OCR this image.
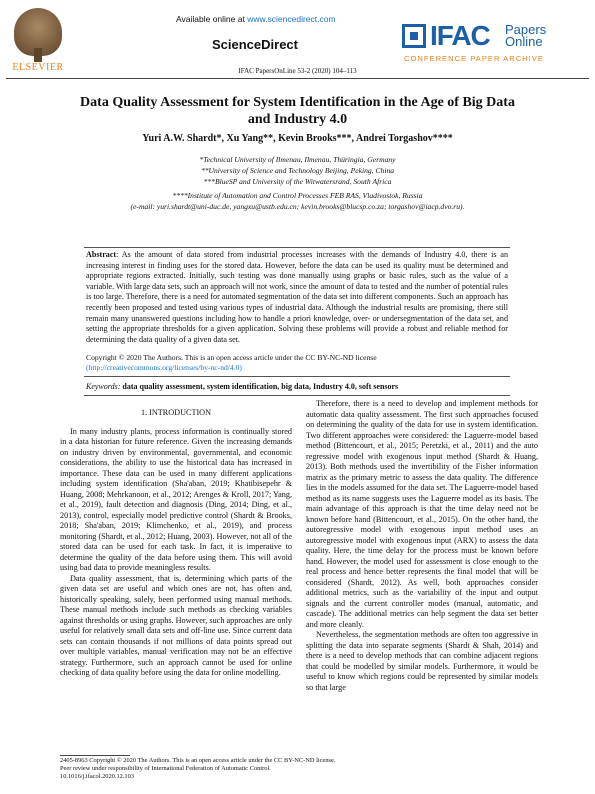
ELSEVIER
Available online at www.sciencedirect.com
ScienceDirect	IFAC Papers
Online
CONFERENCE PAPER ARCHIVE
IFAC PapersOnLine 53-2 (2020) 104–113
Data Quality Assessment for System Identification in the Age of Big Data
and Industry 4.0
Yuri A.W. Shardt*, Xu Yang**, Kevin Brooks***, Andrei Torgashov****
*Technical University of Ilmenau, Ilmenau, Thüringia, Germany
**University of Science and Technology Beijing, Peking, China
***BlueSP and University of the Witwatersrand, South Africa
****Institute of Automation and Control Processes FEB RAS, Vladivostok, Russia
(e-mail: yuri.shardt@uni-duc.de, yangxu@ustb.edu.cn; kevin.brooks@blucsp.co.za; torgashov@iacp.dvo.ru).
Abstract: As the amount of data stored from industrial processes increases with the demands of Industry 4.0, there is an increasing interest in finding uses for the stored data. However, before the data can be used its quality must be determined and appropriate regions extracted. Initially, such testing was done manually using graphs or basic rules, such as the value of a variable. With large data sets, such an approach will not work, since the amount of data to tested and the number of potential rules is too large. Therefore, there is a need for automated segmentation of the data set into different components. Such an approach has recently been proposed and tested using various types of industrial data. Although the industrial results are promising, there still remain many unanswered questions including how to handle a priori knowledge, over- or undersegmentation of the data set, and setting the appropriate thresholds for a given application. Solving these problems will provide a robust and reliable method for determining the data quality of a given data set.
Copyright © 2020 The Authors. This is an open access article under the CC BY-NC-ND license
(http://creativecommons.org/licenses/by-nc-nd/4.0)
Keywords: data quality assessment, system identification, big data, Industry 4.0, soft sensors

1. INTRODUCTION

In many industry plants, process information is continually stored in a data historian for future reference. Given the increasing demands on industry driven by environmental, governmental, and economic considerations, the ability to use the historical data has increased in importance. These data can be used in many different applications including system identification (Sha'aban, 2019; Khatibisepehr & Huang, 2008; Mehrkanoon, et al., 2012; Arenges & Kroll, 2017; Yang, et al., 2019), fault detection and diagnosis (Ding, 2014; Ding, et al., 2013), control, especially model predictive control (Shardt & Brooks, 2018; Sha'aban, 2019; Klimchenko, et al., 2019), and process monitoring (Shardt, et al., 2012; Huang, 2003). However, not all of the stored data can be used for each task. In fact, it is imperative to determine the quality of the data before using them. This will avoid using bad data to provide meaningless results.

Data quality assessment, that is, determining which parts of the given data set are useful and which ones are not, has often and, historically speaking, solely, been performed using manual methods. These manual methods include such methods as checking variables against thresholds or using graphs. However, such approaches are only useful for relatively small data sets and off-line use. Since current data sets can contain thousands if not millions of data points spread out over multiple variables, manual verification may not be an effective strategy. Furthermore, such an approach cannot be used for online checking of data quality before using the data for online modelling.

Therefore, there is a need to develop and implement methods for automatic data quality assessment. The first such approaches focused on determining the quality of the data for use in system identification. Two different approaches were considered: the Laguerre-model based method (Bittencourt, et al., 2015; Peretzki, et al., 2011) and the auto regressive model with exogenous input method (Shardt & Huang, 2013). Both methods used the invertibility of the Fisher information matrix as the primary metric to assess the data quality. The difference lies in the models assumed for the data set. The Laguerre-model based method as its name suggests uses the Laguerre model as its basis. The main advantage of this approach is that the time delay need not be known before hand (Bittencourt, et al., 2015). On the other hand, the autoregressive model with exogenous input method uses an autoregressive model with exogenous input (ARX) to assess the data quality. Here, the time delay for the process must be known before hand. However, the model used for assessment is close enough to the real process and hence better represents the final model that will be considered (Shardt, 2012). As well, both approaches consider additional metrics, such as the variability of the input and output signals and the current controller modes (manual, automatic, and cascade). The additional metrics can help segment the data set better and more cleanly.

Nevertheless, the segmentation methods are often too aggressive in splitting the data into separate segments (Shardt & Shah, 2014) and there is a need to develop methods that can combine adjacent regions that could be modelled by similar models. Furthermore, it would be useful to know which regions could be represented by similar models so that large

2405-8963 Copyright © 2020 The Authors. This is an open access article under the CC BY-NC-ND license.
Peer review under responsibility of International Federation of Automatic Control.
10.1016/j.ifacol.2020.12.103
